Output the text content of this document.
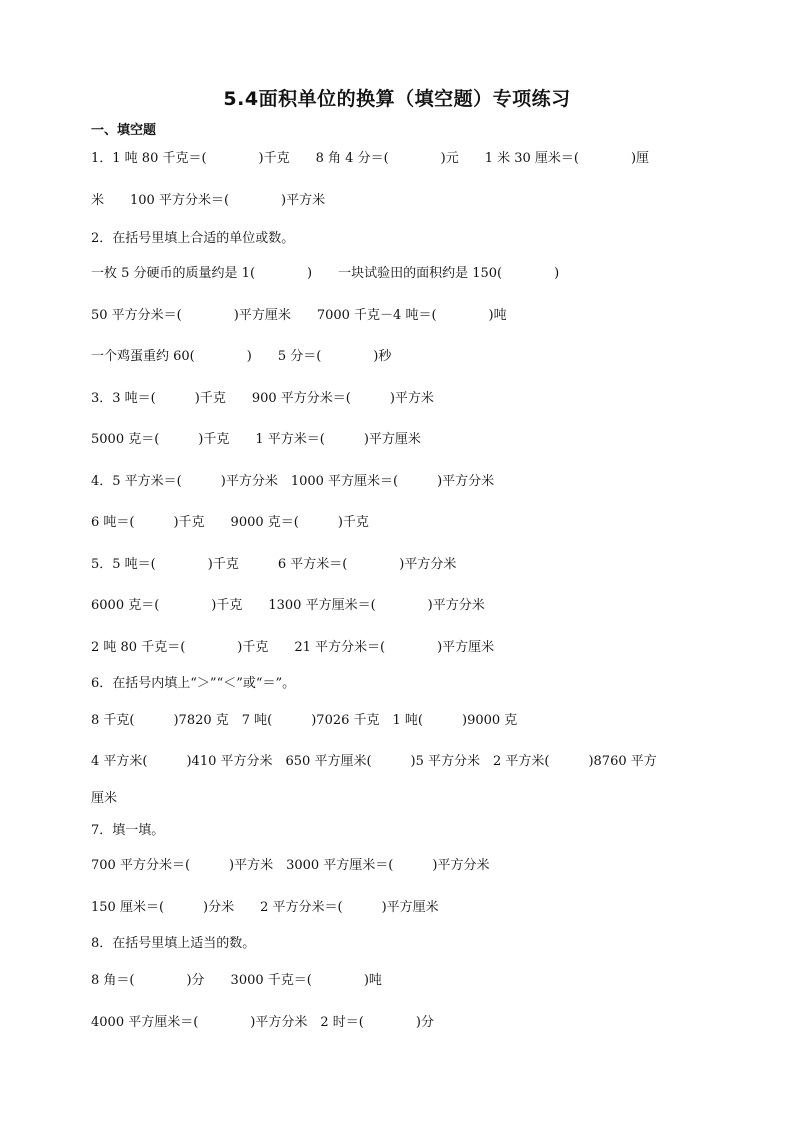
5.4面积单位的换算（填空题）专项练习
一、填空题
1．1 吨 80 千克＝(　　　　)千克　　8 角 4 分＝(　　　　)元　　1 米 30 厘米＝(　　　　)厘
米　　100 平方分米＝(　　　　)平方米
2．在括号里填上合适的单位或数。
一枚 5 分硬币的质量约是 1(　　　　)　　一块试验田的面积约是 150(　　　　)
50 平方分米＝(　　　　)平方厘米　　7000 千克－4 吨＝(　　　　)吨
一个鸡蛋重约 60(　　　　)　　5 分＝(　　　　)秒
3．3 吨＝(　　　)千克　　900 平方分米＝(　　　)平方米
5000 克＝(　　　)千克　　1 平方米＝(　　　)平方厘米
4．5 平方米＝(　　　)平方分米　1000 平方厘米＝(　　　)平方分米
6 吨＝(　　　)千克　　9000 克＝(　　　)千克
5．5 吨＝(　　　　)千克　　　6 平方米＝(　　　　)平方分米
6000 克＝(　　　　)千克　　1300 平方厘米＝(　　　　)平方分米
2 吨 80 千克＝(　　　　)千克　　21 平方分米＝(　　　　)平方厘米
6．在括号内填上“＞”“＜”或“＝”。
8 千克(　　　)7820 克　7 吨(　　　)7026 千克　1 吨(　　　)9000 克
4 平方米(　　　)410 平方分米　650 平方厘米(　　　)5 平方分米　2 平方米(　　　)8760 平方
厘米
7．填一填。
700 平方分米＝(　　　)平方米　3000 平方厘米＝(　　　)平方分米
150 厘米＝(　　　)分米　　2 平方分米＝(　　　)平方厘米
8．在括号里填上适当的数。
8 角＝(　　　　)分　　3000 千克＝(　　　　)吨
4000 平方厘米＝(　　　　)平方分米　2 时＝(　　　　)分
